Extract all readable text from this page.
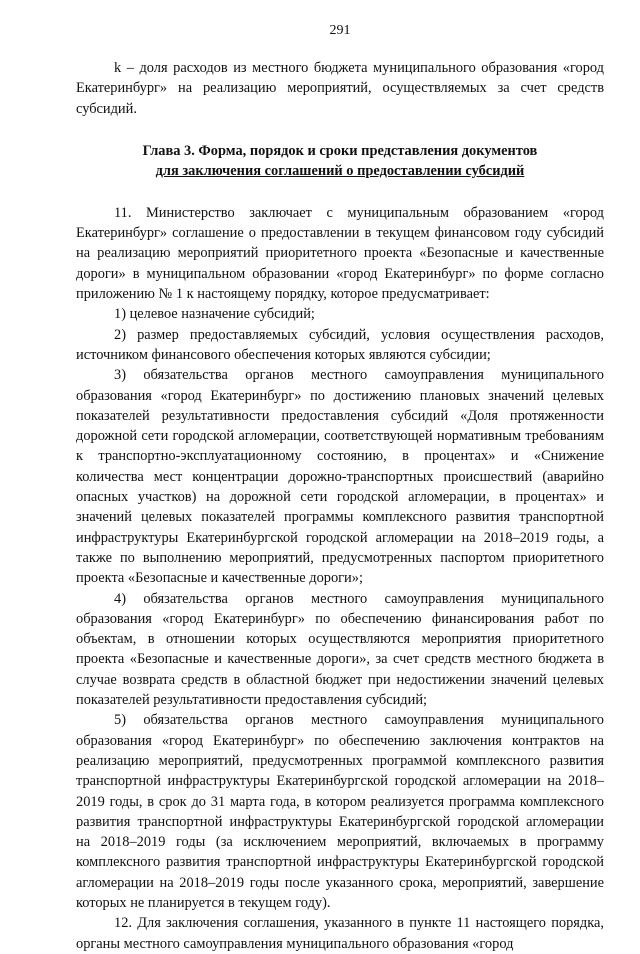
291

k – доля расходов из местного бюджета муниципального образования «город Екатеринбург» на реализацию мероприятий, осуществляемых за счет средств субсидий.

Глава 3. Форма, порядок и сроки представления документов
для заключения соглашений о предоставлении субсидий

11. Министерство заключает с муниципальным образованием «город Екатеринбург» соглашение о предоставлении в текущем финансовом году субсидий на реализацию мероприятий приоритетного проекта «Безопасные и качественные дороги» в муниципальном образовании «город Екатеринбург» по форме согласно приложению № 1 к настоящему порядку, которое предусматривает:

1) целевое назначение субсидий;

2) размер предоставляемых субсидий, условия осуществления расходов, источником финансового обеспечения которых являются субсидии;

3) обязательства органов местного самоуправления муниципального образования «город Екатеринбург» по достижению плановых значений целевых показателей результативности предоставления субсидий «Доля протяженности дорожной сети городской агломерации, соответствующей нормативным требованиям к транспортно-эксплуатационному состоянию, в процентах» и «Снижение количества мест концентрации дорожно-транспортных происшествий (аварийно опасных участков) на дорожной сети городской агломерации, в процентах» и значений целевых показателей программы комплексного развития транспортной инфраструктуры Екатеринбургской городской агломерации на 2018–2019 годы, а также по выполнению мероприятий, предусмотренных паспортом приоритетного проекта «Безопасные и качественные дороги»;

4) обязательства органов местного самоуправления муниципального образования «город Екатеринбург» по обеспечению финансирования работ по объектам, в отношении которых осуществляются мероприятия приоритетного проекта «Безопасные и качественные дороги», за счет средств местного бюджета в случае возврата средств в областной бюджет при недостижении значений целевых показателей результативности предоставления субсидий;

5) обязательства органов местного самоуправления муниципального образования «город Екатеринбург» по обеспечению заключения контрактов на реализацию мероприятий, предусмотренных программой комплексного развития транспортной инфраструктуры Екатеринбургской городской агломерации на 2018–2019 годы, в срок до 31 марта года, в котором реализуется программа комплексного развития транспортной инфраструктуры Екатеринбургской городской агломерации на 2018–2019 годы (за исключением мероприятий, включаемых в программу комплексного развития транспортной инфраструктуры Екатеринбургской городской агломерации на 2018–2019 годы после указанного срока, мероприятий, завершение которых не планируется в текущем году).

12. Для заключения соглашения, указанного в пункте 11 настоящего порядка, органы местного самоуправления муниципального образования «город
